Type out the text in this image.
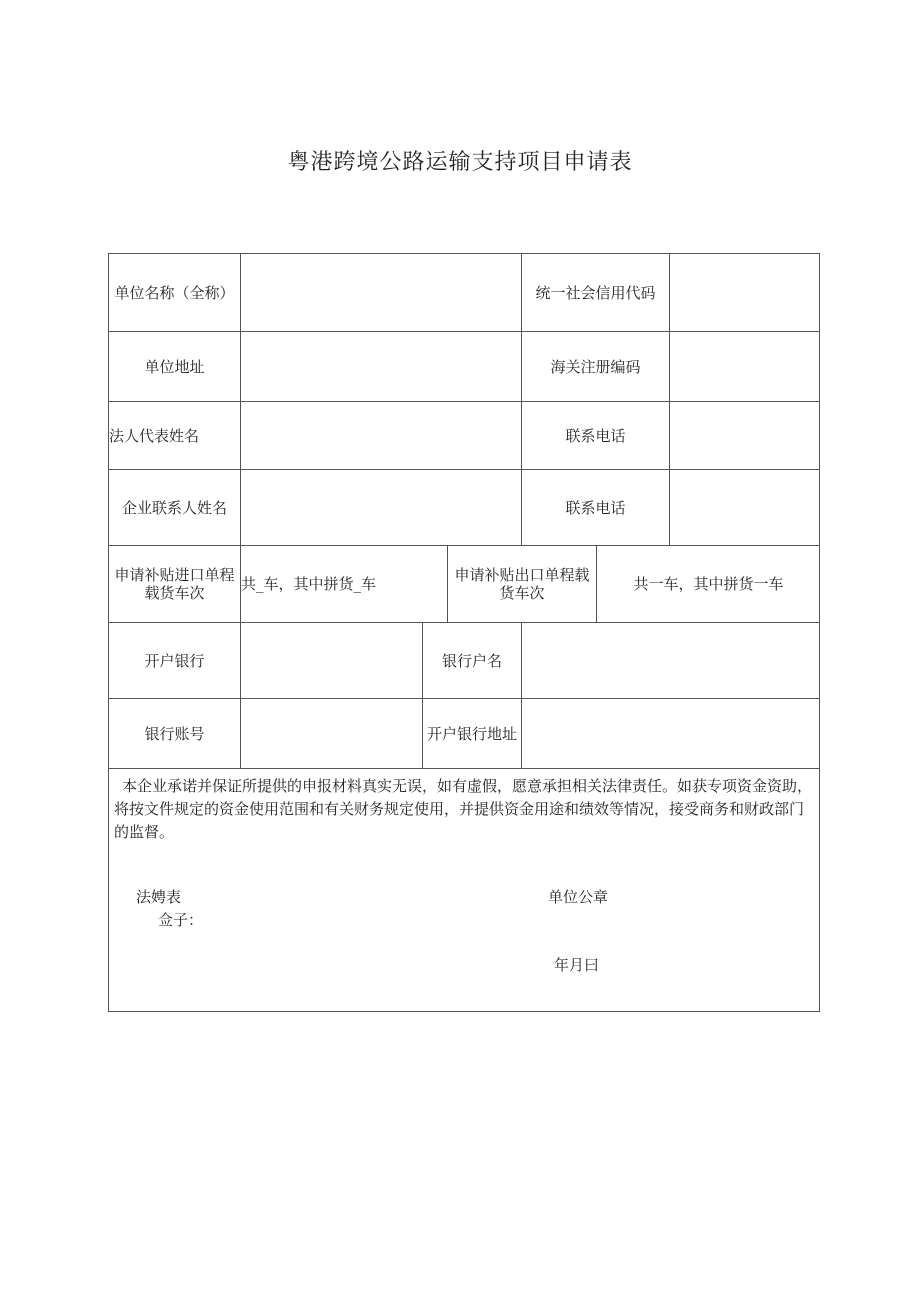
粤港跨境公路运输支持项目申请表
单位名称（全称）	统一社会信用代码
单位地址	海关注册编码
法人代表姓名	联系电话
企业联系人姓名	联系电话
申请补贴进口单程载货车次	共_车，其中拼货_车	申请补贴出口单程载货车次	共一车，其中拼货一车
开户银行	银行户名
银行账号	开户银行地址
本企业承诺并保证所提供的申报材料真实无误，如有虚假，愿意承担相关法律责任。如获专项资金资助，将按文件规定的资金使用范围和有关财务规定使用，并提供资金用途和绩效等情况，接受商务和财政部门的监督。
法娉表
佥子：
单位公章
年月曰
